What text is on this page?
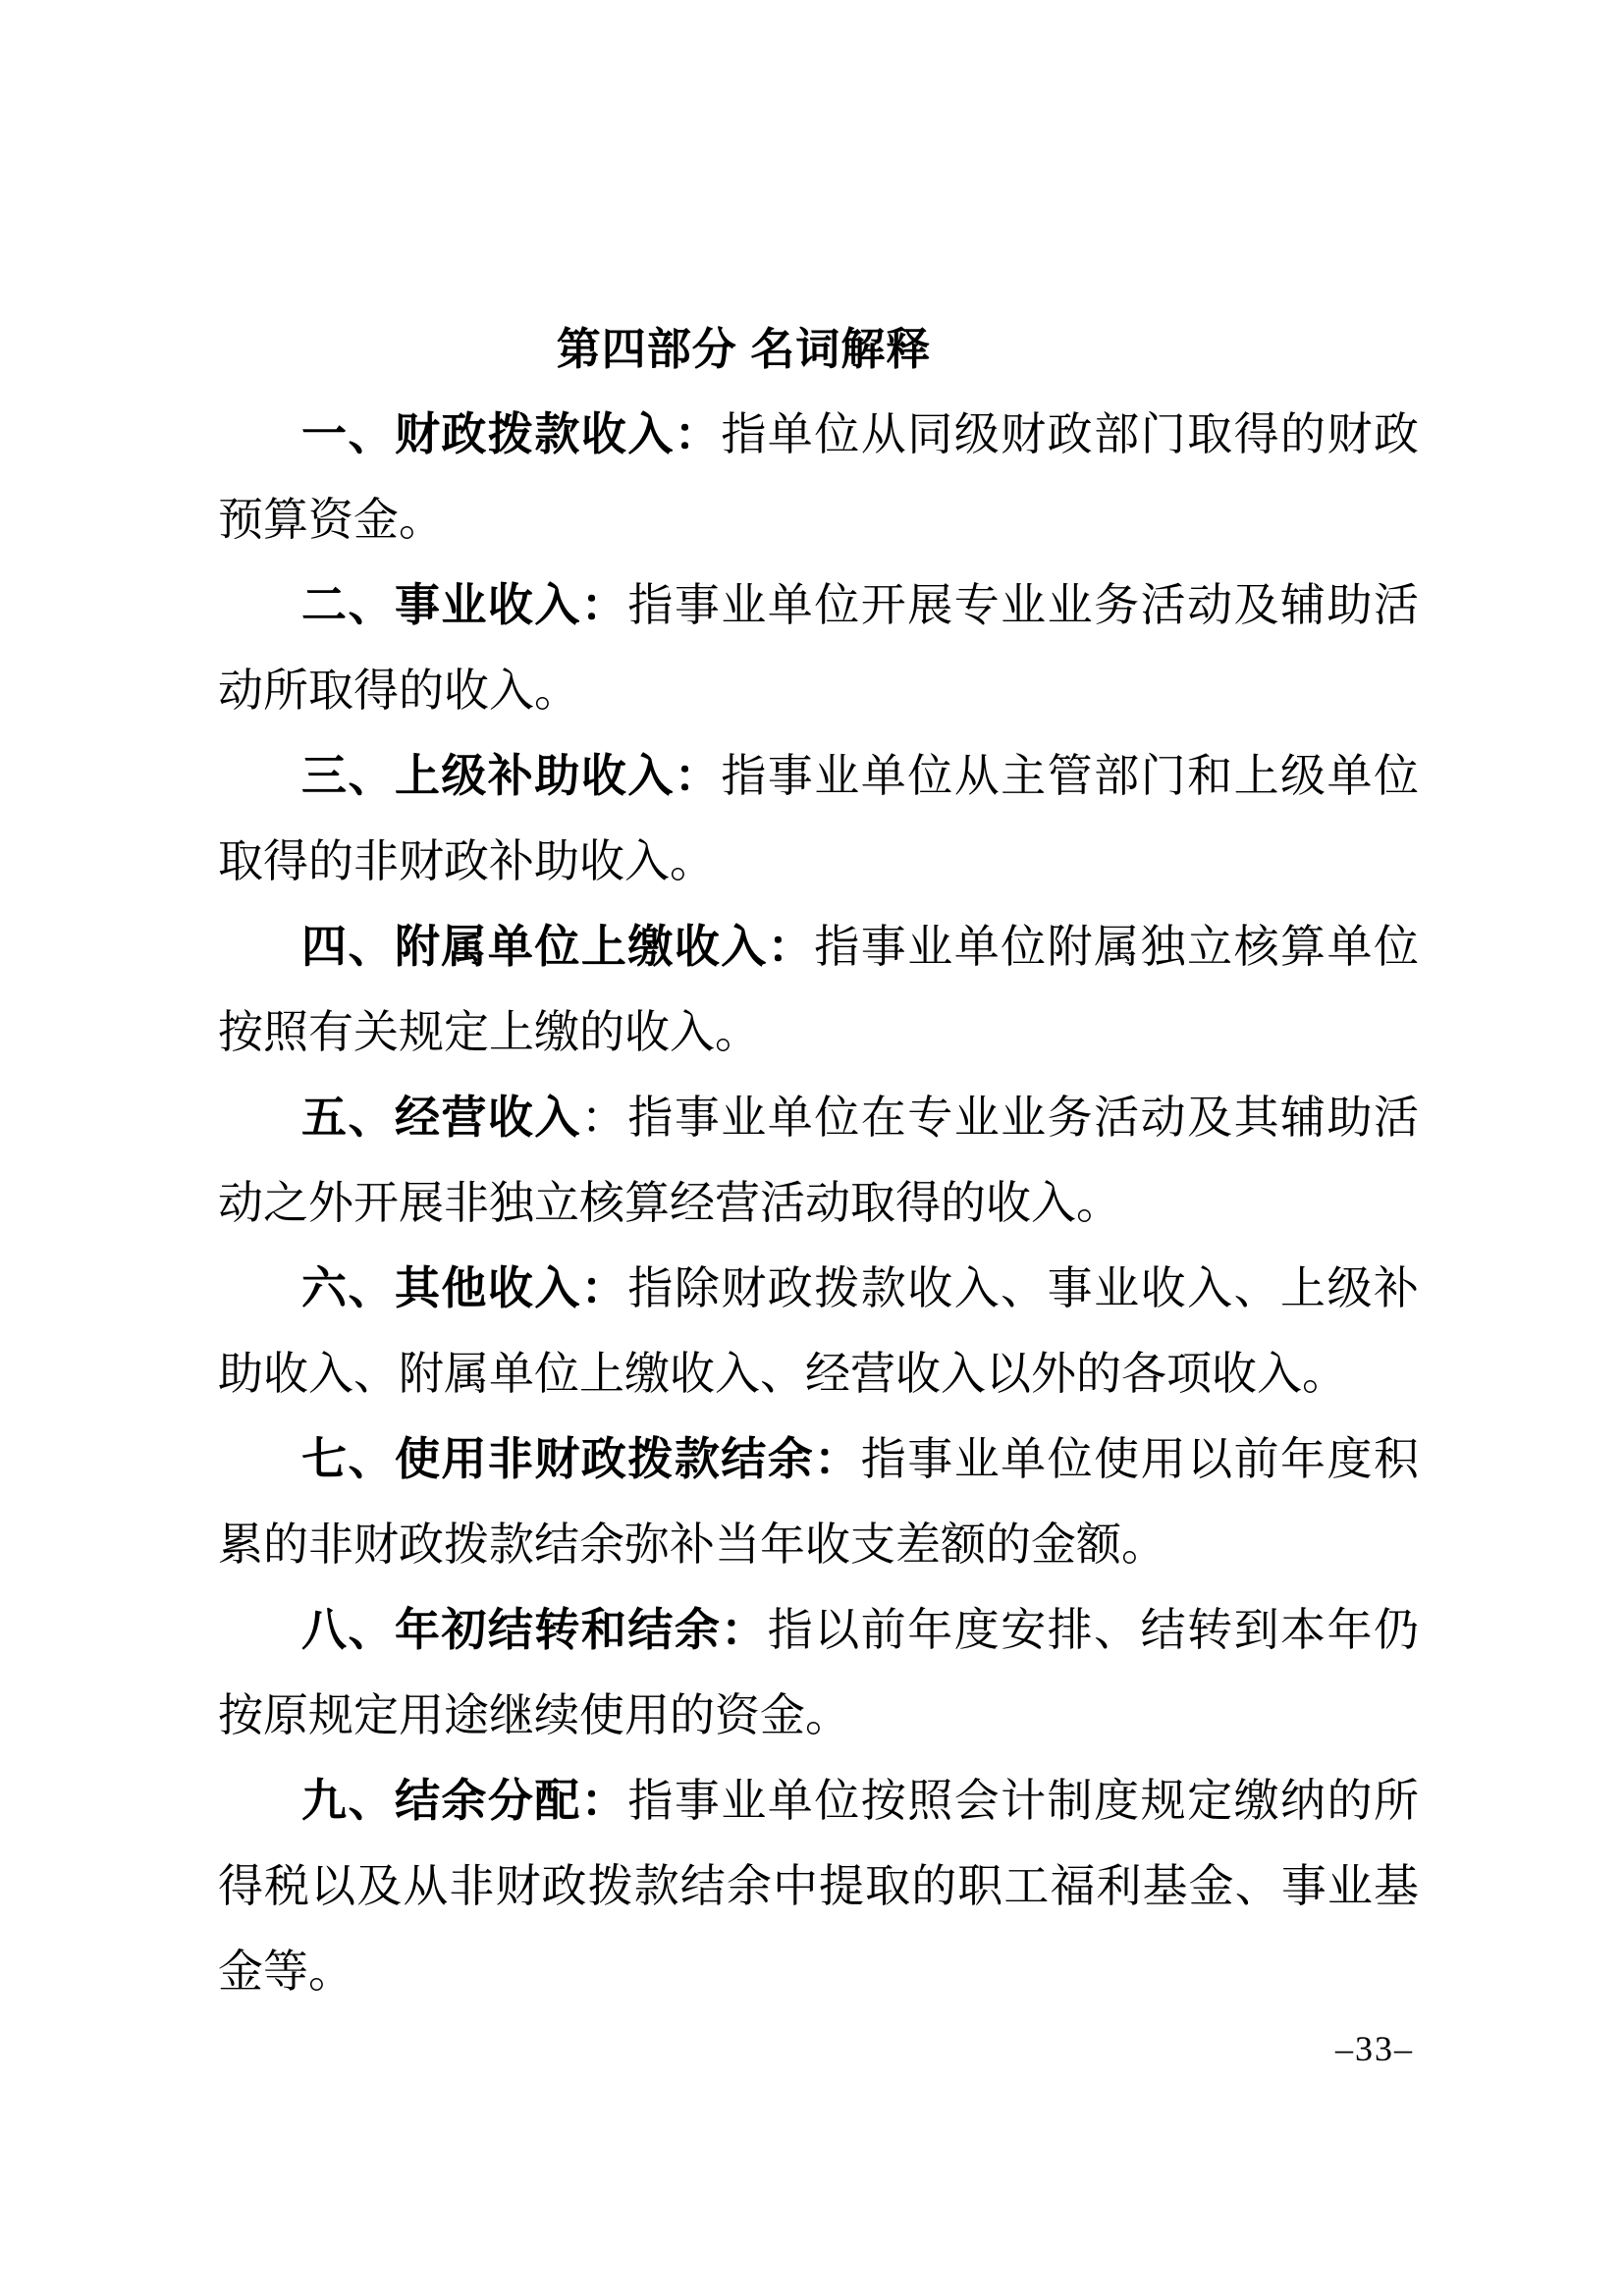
第四部分 名词解释

一、财政拨款收入：指单位从同级财政部门取得的财政预算资金。

二、事业收入：指事业单位开展专业业务活动及辅助活动所取得的收入。

三、上级补助收入：指事业单位从主管部门和上级单位取得的非财政补助收入。

四、附属单位上缴收入：指事业单位附属独立核算单位按照有关规定上缴的收入。

五、经营收入：指事业单位在专业业务活动及其辅助活动之外开展非独立核算经营活动取得的收入。

六、其他收入：指除财政拨款收入、事业收入、上级补助收入、附属单位上缴收入、经营收入以外的各项收入。

七、使用非财政拨款结余：指事业单位使用以前年度积累的非财政拨款结余弥补当年收支差额的金额。

八、年初结转和结余：指以前年度安排、结转到本年仍按原规定用途继续使用的资金。

九、结余分配：指事业单位按照会计制度规定缴纳的所得税以及从非财政拨款结余中提取的职工福利基金、事业基金等。

–33–
